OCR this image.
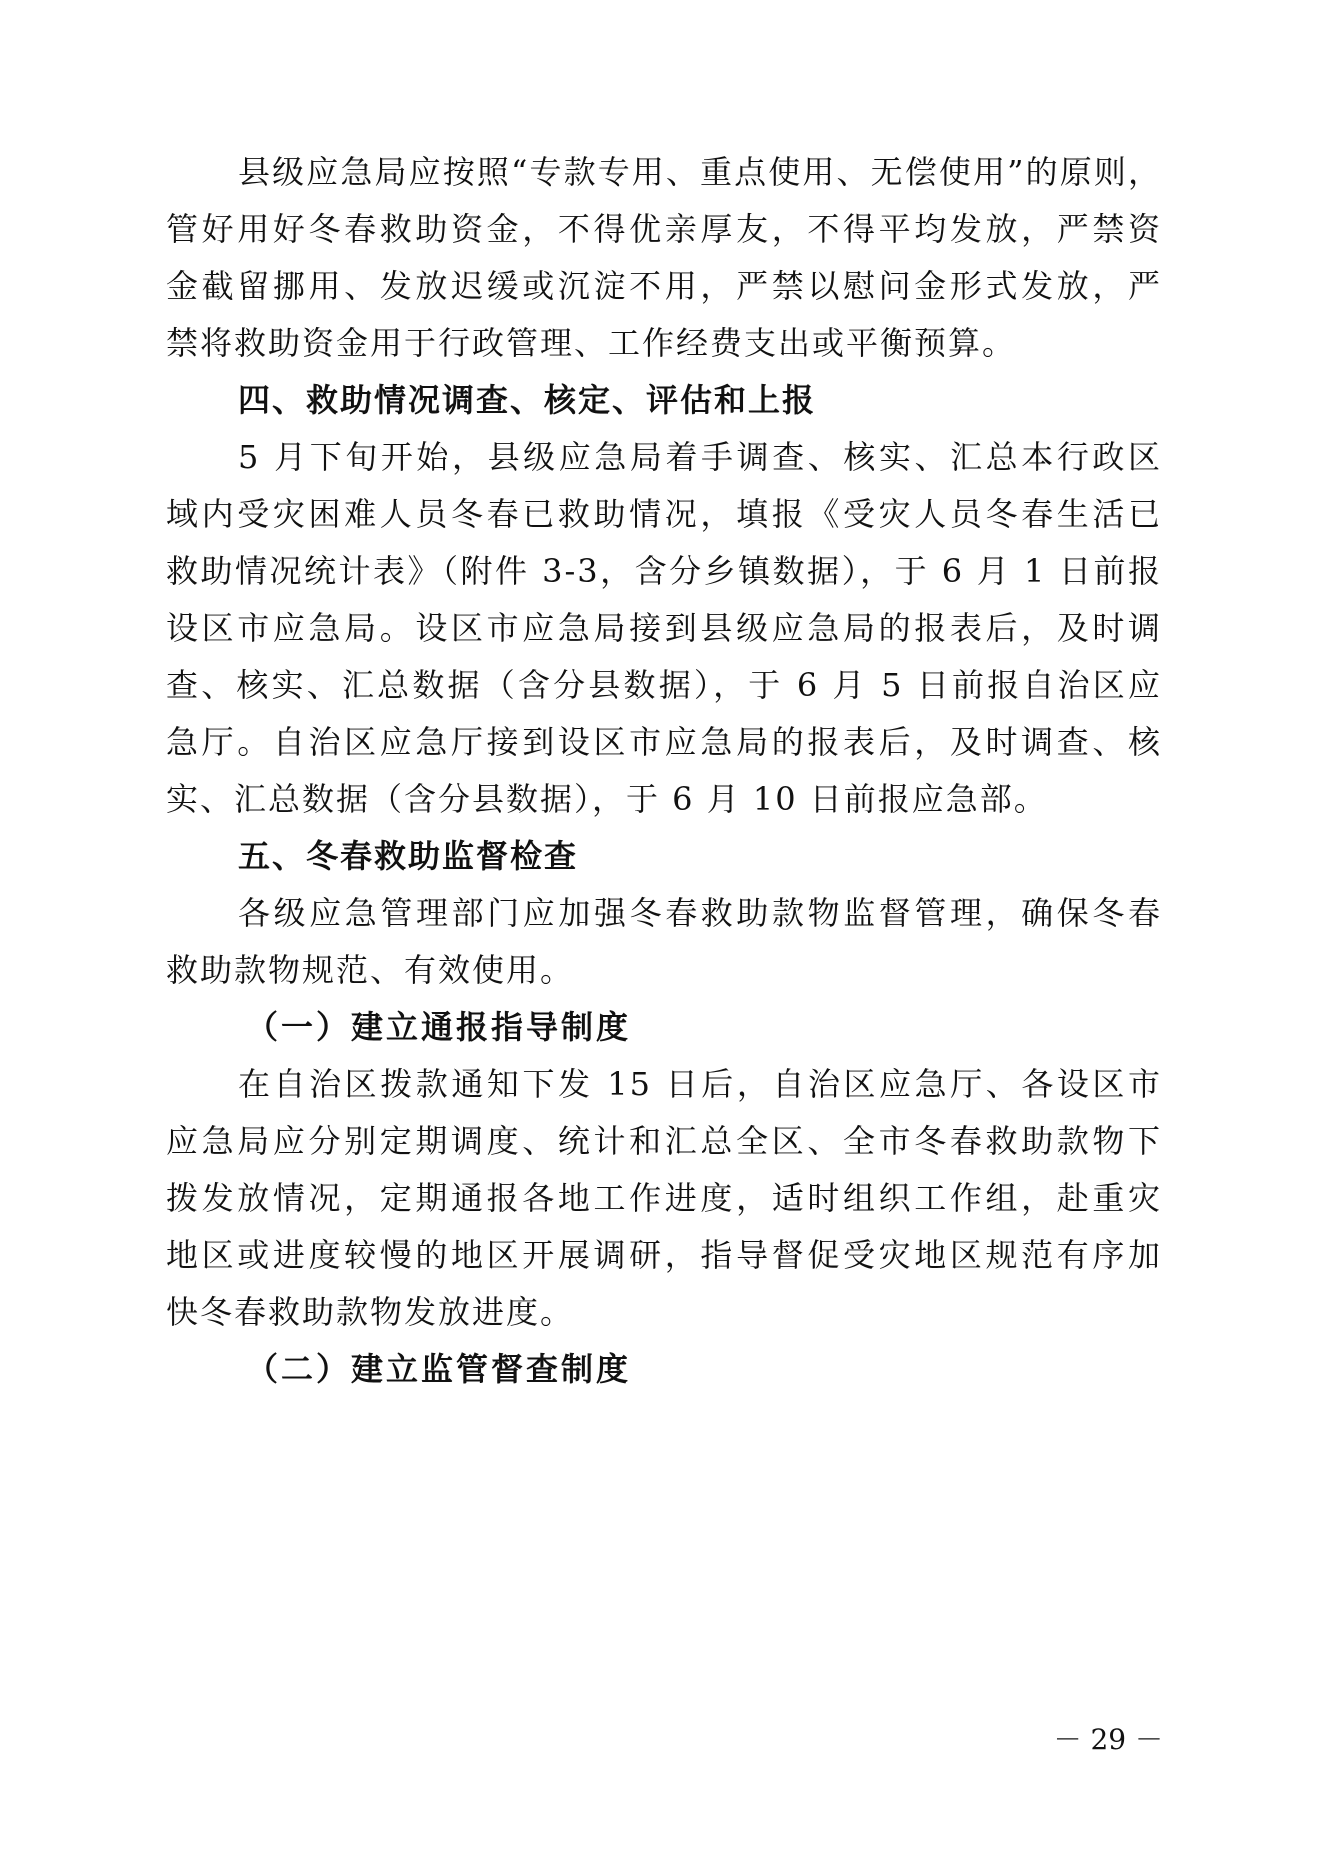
县级应急局应按照“专款专用、重点使用、无偿使用”的原则，
管好用好冬春救助资金，不得优亲厚友，不得平均发放，严禁资
金截留挪用、发放迟缓或沉淀不用，严禁以慰问金形式发放，严
禁将救助资金用于行政管理、工作经费支出或平衡预算。
四、救助情况调查、核定、评估和上报
5 月下旬开始，县级应急局着手调查、核实、汇总本行政区
域内受灾困难人员冬春已救助情况，填报《受灾人员冬春生活已
救助情况统计表》（附件 3-3，含分乡镇数据），于 6 月 1 日前报
设区市应急局。设区市应急局接到县级应急局的报表后，及时调
查、核实、汇总数据（含分县数据），于 6 月 5 日前报自治区应
急厅。自治区应急厅接到设区市应急局的报表后，及时调查、核
实、汇总数据（含分县数据），于 6 月 10 日前报应急部。
五、冬春救助监督检查
各级应急管理部门应加强冬春救助款物监督管理，确保冬春
救助款物规范、有效使用。
（一）建立通报指导制度
在自治区拨款通知下发 15 日后，自治区应急厅、各设区市
应急局应分别定期调度、统计和汇总全区、全市冬春救助款物下
拨发放情况，定期通报各地工作进度，适时组织工作组，赴重灾
地区或进度较慢的地区开展调研，指导督促受灾地区规范有序加
快冬春救助款物发放进度。
（二）建立监管督查制度
－ 29 －
